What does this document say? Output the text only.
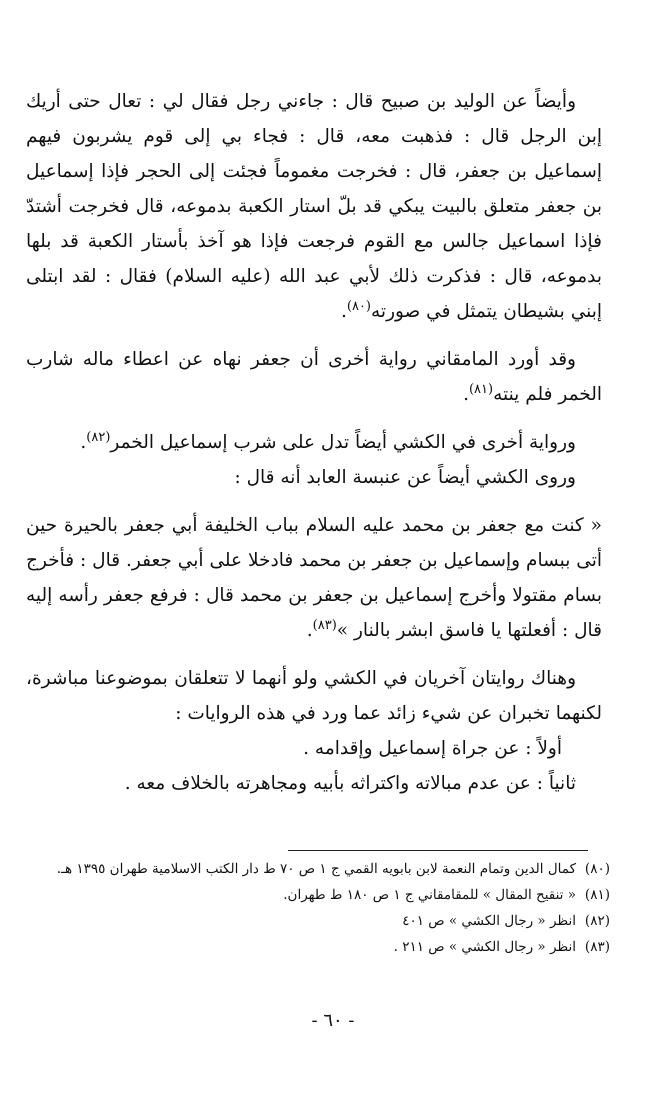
وأيضاً عن الوليد بن صبيح قال : جاءني رجل فقال لي : تعال حتى أريك إبن الرجل قال : فذهبت معه، قال : فجاء بي إلى قوم يشربون فيهم إسماعيل بن جعفر، قال : فخرجت مغموماً فجئت إلى الحجر فإذا إسماعيل بن جعفر متعلق بالبيت يبكي قد بلّ استار الكعبة بدموعه، قال فخرجت أشتدّ فإذا اسماعيل جالس مع القوم فرجعت فإذا هو آخذ بأستار الكعبة قد بلها بدموعه، قال : فذكرت ذلك لأبي عبد الله (عليه السلام) فقال : لقد ابتلى إبني بشيطان يتمثل في صورته$^{(٨٠)}$.

وقد أورد المامقاني رواية أخرى أن جعفر نهاه عن اعطاء ماله شارب الخمر فلم ينته$^{(٨١)}$.

ورواية أخرى في الكشي أيضاً تدل على شرب إسماعيل الخمر$^{(٨٢)}$.

وروى الكشي أيضاً عن عنبسة العابد أنه قال :

« كنت مع جعفر بن محمد عليه السلام بباب الخليفة أبي جعفر بالحيرة حين أتى ببسام وإسماعيل بن جعفر بن محمد فادخلا على أبي جعفر. قال : فأخرج بسام مقتولا وأخرج إسماعيل بن جعفر بن محمد قال : فرفع جعفر رأسه إليه قال : أفعلتها يا فاسق ابشر بالنار »$^{(٨٣)}$.

وهناك روايتان آخريان في الكشي ولو أنهما لا تتعلقان بموضوعنا مباشرة، لكنهما تخبران عن شيء زائد عما ورد في هذه الروايات :

أولاً : عن جراة إسماعيل وإقدامه .

ثانياً : عن عدم مبالاته واكتراثه بأبيه ومجاهرته بالخلاف معه .

(٨٠)
كمال الدين وتمام النعمة لابن بابويه القمي ج ١ ص ٧٠ ط دار الكتب الاسلامية طهران ١٣٩٥ هـ.

(٨١)
« تنقيح المقال » للمقامقاني ج ١ ص ١٨٠ ط طهران.

(٨٢)
انظر « رجال الكشي » ص ٤٠١

(٨٣)
انظر « رجال الكشي » ص ٢١١ .

- ٦٠ -
